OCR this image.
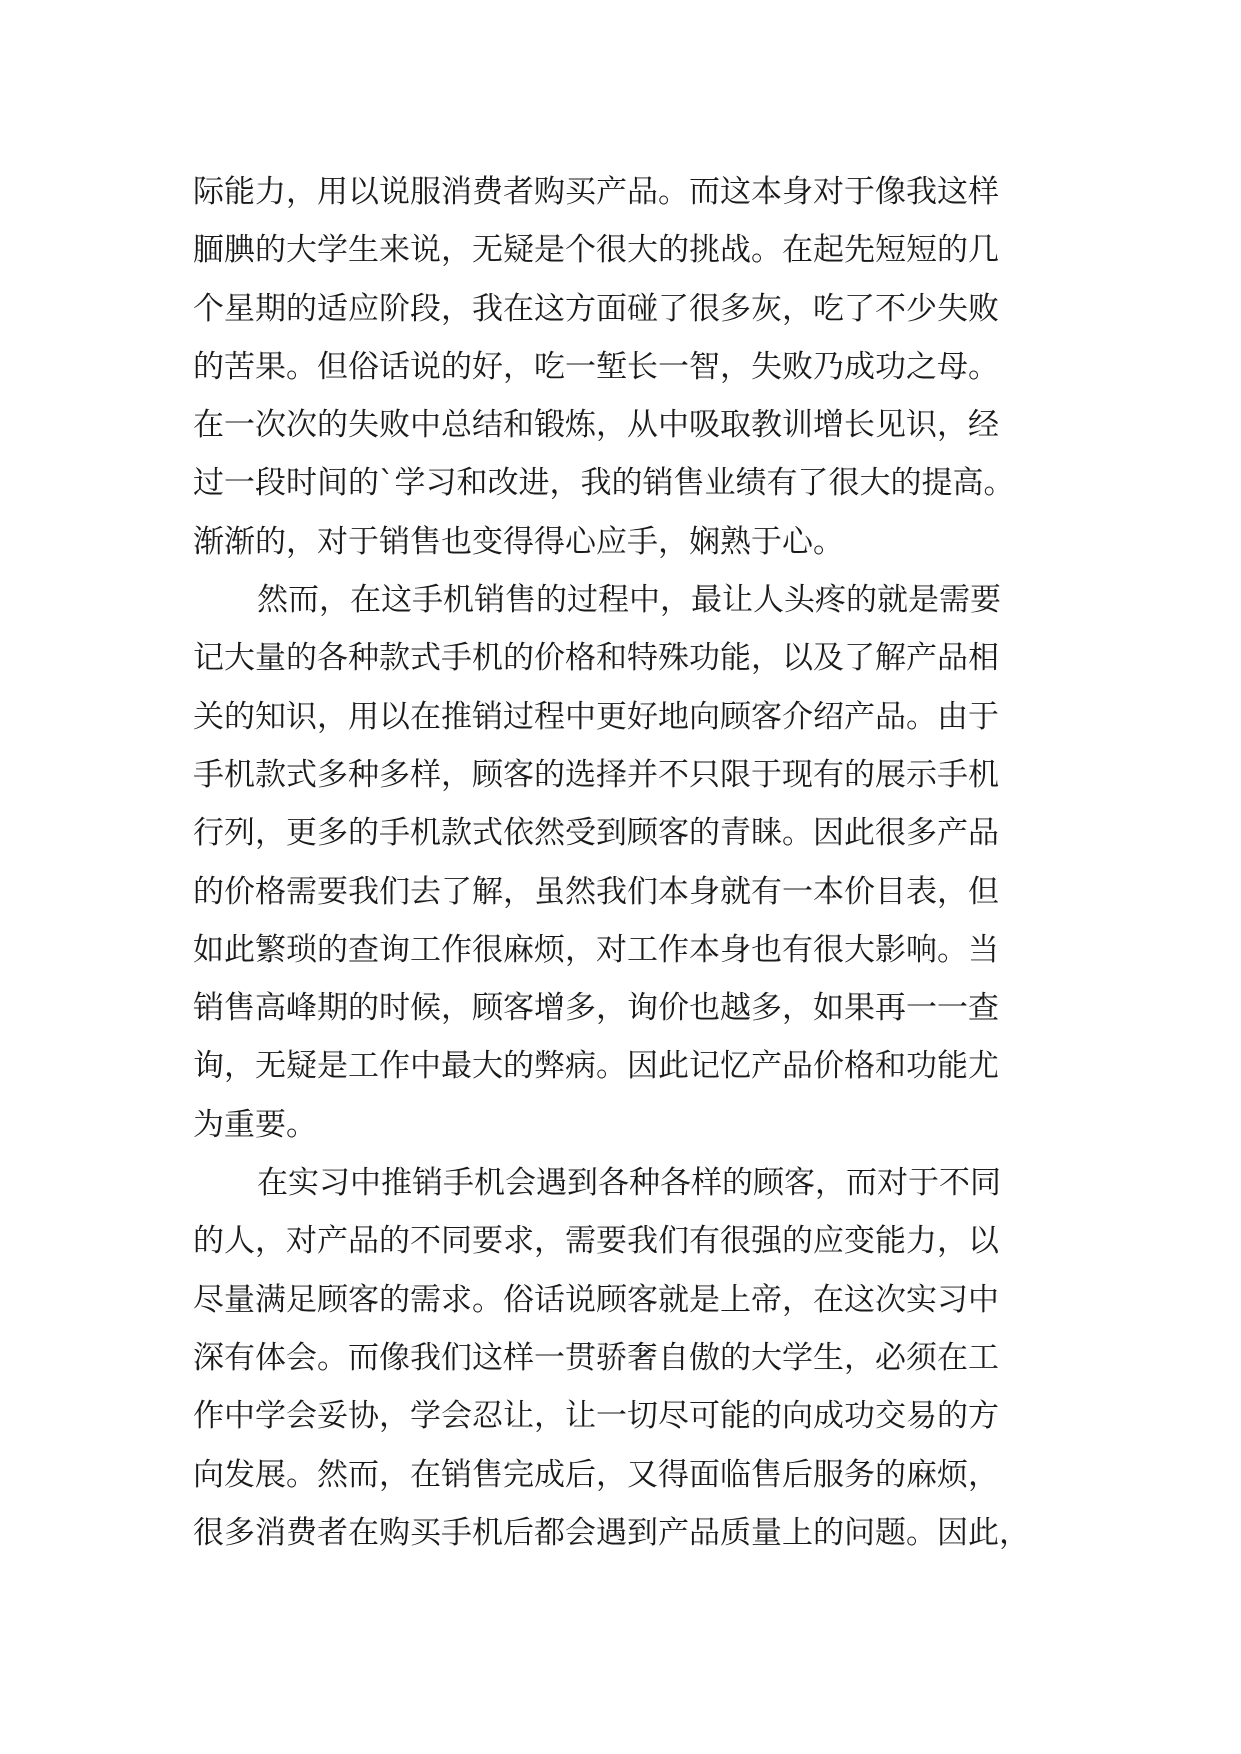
际能力，用以说服消费者购买产品。而这本身对于像我这样
腼腆的大学生来说，无疑是个很大的挑战。在起先短短的几
个星期的适应阶段，我在这方面碰了很多灰，吃了不少失败
的苦果。但俗话说的好，吃一堑长一智，失败乃成功之母。
在一次次的失败中总结和锻炼，从中吸取教训增长见识，经
过一段时间的`学习和改进，我的销售业绩有了很大的提高。
渐渐的，对于销售也变得得心应手，娴熟于心。
然而，在这手机销售的过程中，最让人头疼的就是需要
记大量的各种款式手机的价格和特殊功能，以及了解产品相
关的知识，用以在推销过程中更好地向顾客介绍产品。由于
手机款式多种多样，顾客的选择并不只限于现有的展示手机
行列，更多的手机款式依然受到顾客的青睐。因此很多产品
的价格需要我们去了解，虽然我们本身就有一本价目表，但
如此繁琐的查询工作很麻烦，对工作本身也有很大影响。当
销售高峰期的时候，顾客增多，询价也越多，如果再一一查
询，无疑是工作中最大的弊病。因此记忆产品价格和功能尤
为重要。
在实习中推销手机会遇到各种各样的顾客，而对于不同
的人，对产品的不同要求，需要我们有很强的应变能力，以
尽量满足顾客的需求。俗话说顾客就是上帝，在这次实习中
深有体会。而像我们这样一贯骄奢自傲的大学生，必须在工
作中学会妥协，学会忍让，让一切尽可能的向成功交易的方
向发展。然而，在销售完成后，又得面临售后服务的麻烦，
很多消费者在购买手机后都会遇到产品质量上的问题。因此，
